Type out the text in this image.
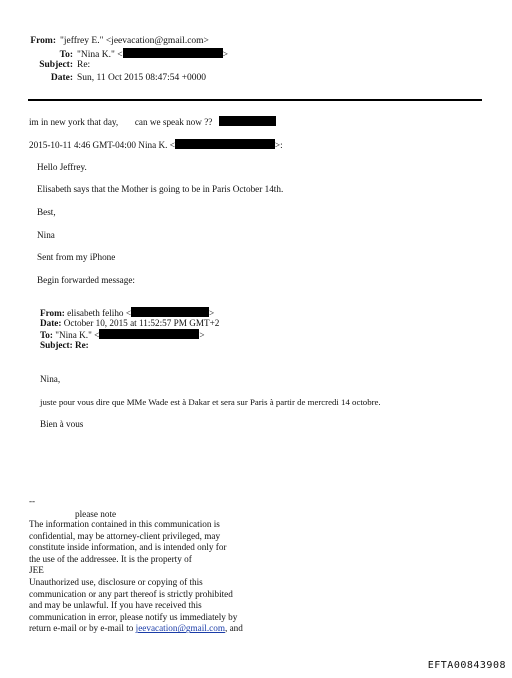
From: "jeffrey E." <jeevacation@gmail.com>
To: "Nina K." <	>
Subject: Re:
Date: Sun, 11 Oct 2015 08:47:54 +0000
im in new york that day, can we speak now ??
2015-10-11 4:46 GMT-04:00 Nina K. <	>:
Hello Jeffrey.
Elisabeth says that the Mother is going to be in Paris October 14th.
Best,
Nina
Sent from my iPhone
Begin forwarded message:
From: elisabeth feliho <	>
Date: October 10, 2015 at 11:52:57 PM GMT+2
To: "Nina K." <	>
Subject: Re:
Nina,
juste pour vous dire que MMe Wade est à Dakar et sera sur Paris à partir de mercredi 14 octobre.
Bien à vous
--
please note
The information contained in this communication is
confidential, may be attorney-client privileged, may
constitute inside information, and is intended only for
the use of the addressee. It is the property of
JEE
Unauthorized use, disclosure or copying of this
communication or any part thereof is strictly prohibited
and may be unlawful. If you have received this
communication in error, please notify us immediately by
return e-mail or by e-mail to jeevacation@gmail.com, and
EFTA00843908
